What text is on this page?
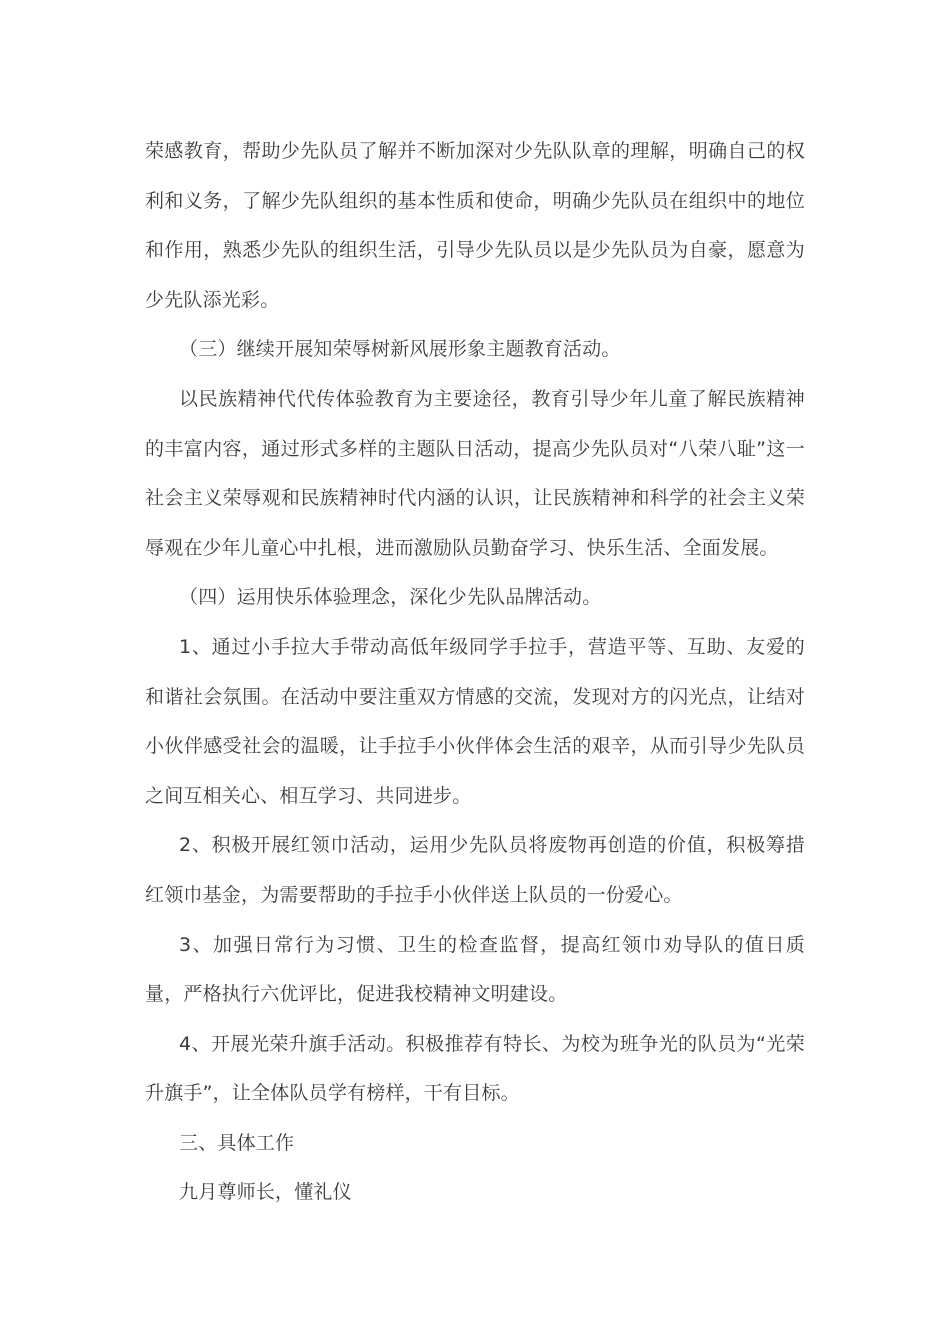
荣感教育，帮助少先队员了解并不断加深对少先队队章的理解，明确自己的权利和义务，了解少先队组织的基本性质和使命，明确少先队员在组织中的地位和作用，熟悉少先队的组织生活，引导少先队员以是少先队员为自豪，愿意为少先队添光彩。

（三）继续开展知荣辱树新风展形象主题教育活动。

以民族精神代代传体验教育为主要途径，教育引导少年儿童了解民族精神的丰富内容，通过形式多样的主题队日活动，提高少先队员对“八荣八耻”这一社会主义荣辱观和民族精神时代内涵的认识，让民族精神和科学的社会主义荣辱观在少年儿童心中扎根，进而激励队员勤奋学习、快乐生活、全面发展。

（四）运用快乐体验理念，深化少先队品牌活动。

1、通过小手拉大手带动高低年级同学手拉手，营造平等、互助、友爱的和谐社会氛围。在活动中要注重双方情感的交流，发现对方的闪光点，让结对小伙伴感受社会的温暖，让手拉手小伙伴体会生活的艰辛，从而引导少先队员之间互相关心、相互学习、共同进步。

2、积极开展红领巾活动，运用少先队员将废物再创造的价值，积极筹措红领巾基金，为需要帮助的手拉手小伙伴送上队员的一份爱心。

3、加强日常行为习惯、卫生的检查监督，提高红领巾劝导队的值日质量，严格执行六优评比，促进我校精神文明建设。

4、开展光荣升旗手活动。积极推荐有特长、为校为班争光的队员为“光荣升旗手”，让全体队员学有榜样，干有目标。

三、具体工作

九月尊师长，懂礼仪
